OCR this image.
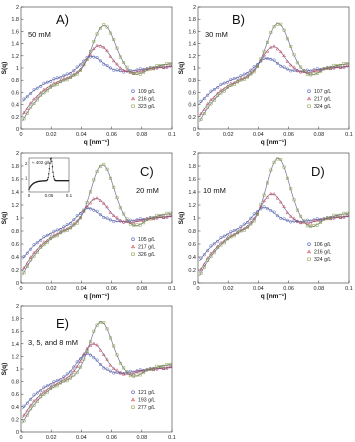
0
0.2
0.4
0.6
0.8
1
1.2
1.4
1.6
1.8
2
0	0.02	0.04	0.06	0.08	0.1
q [nm⁻¹]
S(q)
A)
50 mM
109 g/L
216 g/L
323 g/L
0
0.2
0.4
0.6
0.8
1
1.2
1.4
1.6
1.8
2
0	0.02	0.04	0.06	0.08	0.1
q [nm⁻¹]
S(q)
B)
30 mM
107 g/L
217 g/L
324 g/L
0
0.2
0.4
0.6
0.8
1
1.2
1.4
1.6
1.8
2
0	0.02	0.04	0.06	0.08	0.1
q [nm⁻¹]
S(q)
C)
20 mM
105 g/L
217 g/L
326 g/L
≈ 402 g/L
0	0.05	0.1
1
2
0
0.2
0.4
0.6
0.8
1
1.2
1.4
1.6
1.8
2
0	0.02	0.04	0.06	0.08	0.1
q [nm⁻¹]
S(q)
D)
10 mM
106 g/L
216 g/L
324 g/L
0
0.2
0.4
0.6
0.8
1
1.2
1.4
1.6
1.8
2
0	0.02	0.04	0.06	0.08	0.1
S(q)
E)
3, 5, and 8 mM
121 g/L
193 g/L
277 g/L
